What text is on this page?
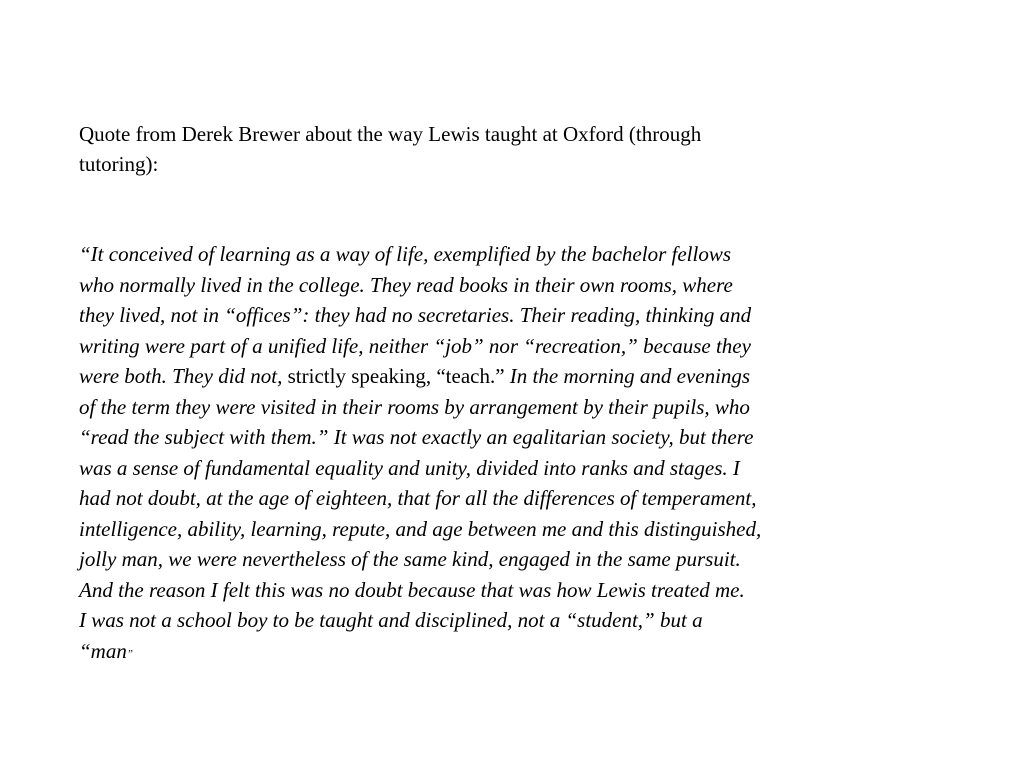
Quote from Derek Brewer about the way Lewis taught at Oxford (through
tutoring):

“It conceived of learning as a way of life, exemplified by the bachelor fellows
who normally lived in the college. They read books in their own rooms, where
they lived, not in “offices”: they had no secretaries. Their reading, thinking and
writing were part of a unified life, neither “job” nor “recreation,” because they
were both. They did not, strictly speaking, “teach.” In the morning and evenings
of the term they were visited in their rooms by arrangement by their pupils, who
“read the subject with them.” It was not exactly an egalitarian society, but there
was a sense of fundamental equality and unity, divided into ranks and stages. I
had not doubt, at the age of eighteen, that for all the differences of temperament,
intelligence, ability, learning, repute, and age between me and this distinguished,
jolly man, we were nevertheless of the same kind, engaged in the same pursuit.
And the reason I felt this was no doubt because that was how Lewis treated me.
I was not a school boy to be taught and disciplined, not a “student,” but a
“man”
